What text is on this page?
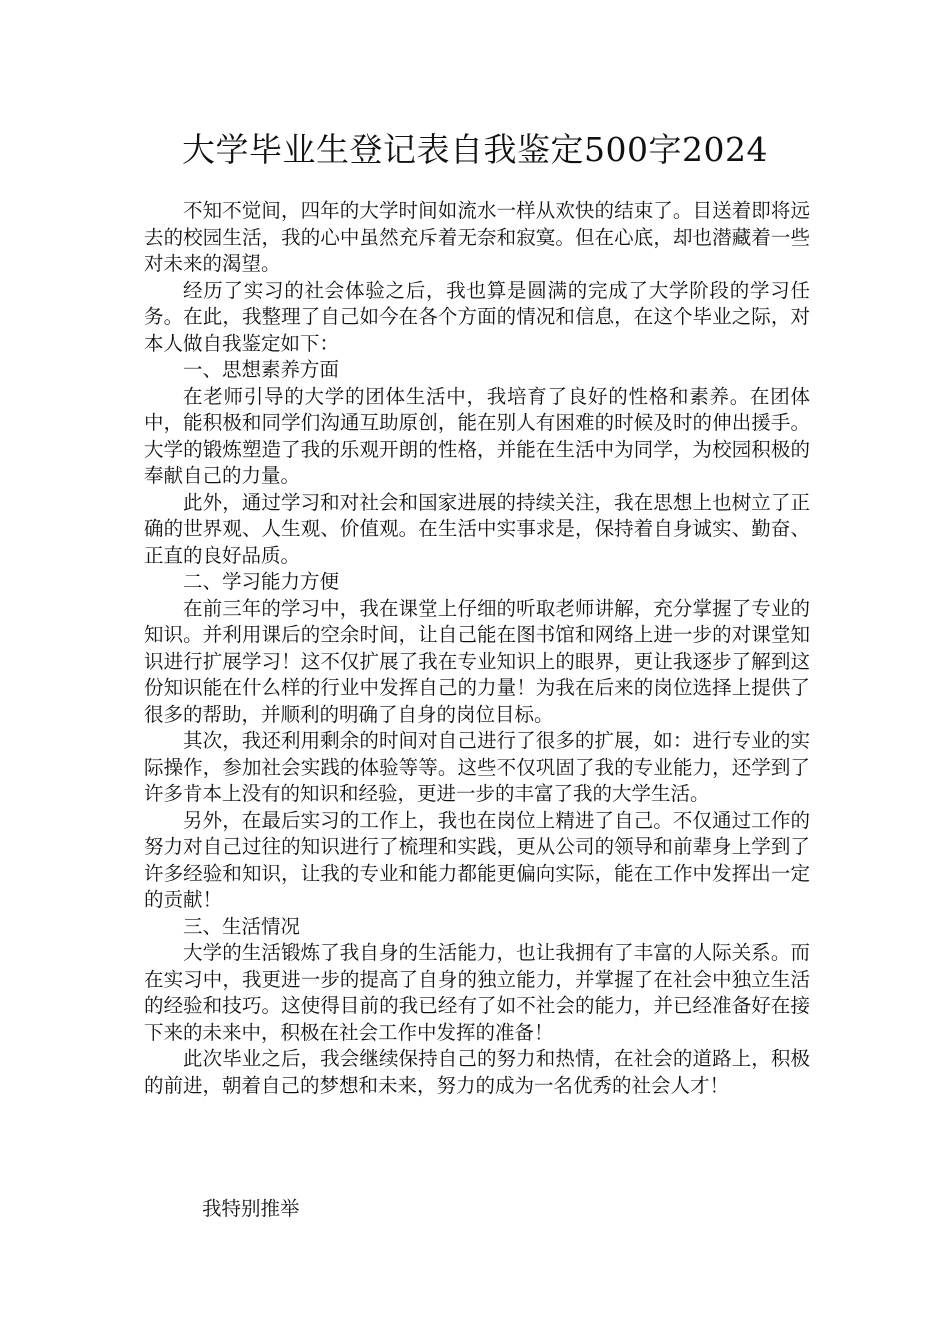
大学毕业生登记表自我鉴定500字2024

不知不觉间，四年的大学时间如流水一样从欢快的结束了。目送着即将远去的校园生活，我的心中虽然充斥着无奈和寂寞。但在心底，却也潜藏着一些对未来的渴望。

经历了实习的社会体验之后，我也算是圆满的完成了大学阶段的学习任务。在此，我整理了自己如今在各个方面的情况和信息，在这个毕业之际，对本人做自我鉴定如下：

一、思想素养方面

在老师引导的大学的团体生活中，我培育了良好的性格和素养。在团体中，能积极和同学们沟通互助原创，能在别人有困难的时候及时的伸出援手。大学的锻炼塑造了我的乐观开朗的性格，并能在生活中为同学，为校园积极的奉献自己的力量。

此外，通过学习和对社会和国家进展的持续关注，我在思想上也树立了正确的世界观、人生观、价值观。在生活中实事求是，保持着自身诚实、勤奋、正直的良好品质。

二、学习能力方便

在前三年的学习中，我在课堂上仔细的听取老师讲解，充分掌握了专业的知识。并利用课后的空余时间，让自己能在图书馆和网络上进一步的对课堂知识进行扩展学习！这不仅扩展了我在专业知识上的眼界，更让我逐步了解到这份知识能在什么样的行业中发挥自己的力量！为我在后来的岗位选择上提供了很多的帮助，并顺利的明确了自身的岗位目标。

其次，我还利用剩余的时间对自己进行了很多的扩展，如：进行专业的实际操作，参加社会实践的体验等等。这些不仅巩固了我的专业能力，还学到了许多肯本上没有的知识和经验，更进一步的丰富了我的大学生活。

另外，在最后实习的工作上，我也在岗位上精进了自己。不仅通过工作的努力对自己过往的知识进行了梳理和实践，更从公司的领导和前辈身上学到了许多经验和知识，让我的专业和能力都能更偏向实际，能在工作中发挥出一定的贡献！

三、生活情况

大学的生活锻炼了我自身的生活能力，也让我拥有了丰富的人际关系。而在实习中，我更进一步的提高了自身的独立能力，并掌握了在社会中独立生活的经验和技巧。这使得目前的我已经有了如不社会的能力，并已经准备好在接下来的未来中，积极在社会工作中发挥的准备！

此次毕业之后，我会继续保持自己的努力和热情，在社会的道路上，积极的前进，朝着自己的梦想和未来，努力的成为一名优秀的社会人才！

我特别推举
